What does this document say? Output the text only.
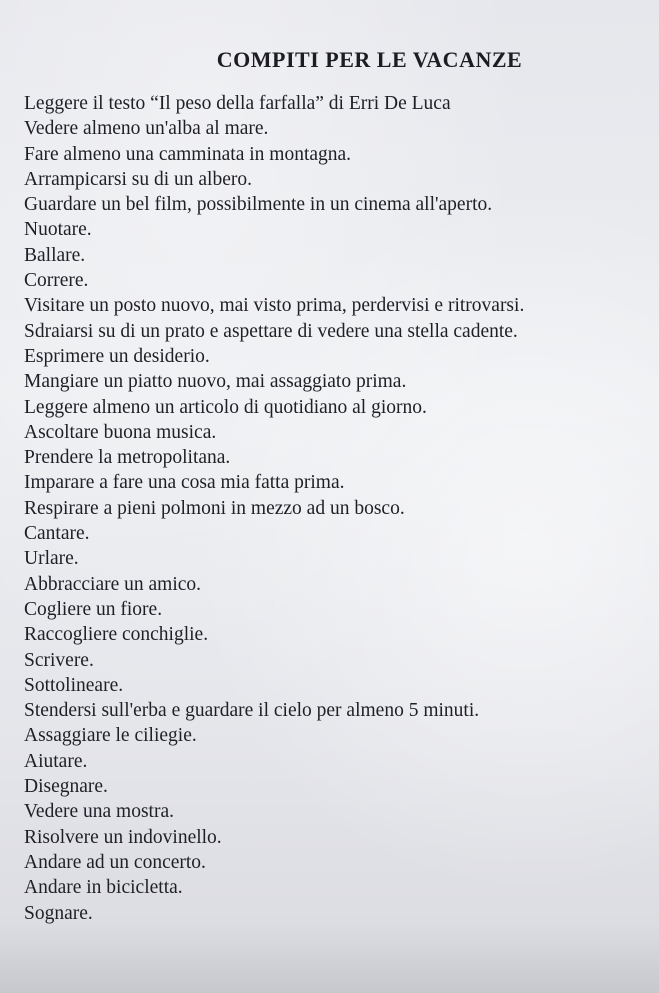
COMPITI PER LE VACANZE
Leggere il testo “Il peso della farfalla” di Erri De Luca
Vedere almeno un'alba al mare.
Fare almeno una camminata in montagna.
Arrampicarsi su di un albero.
Guardare un bel film, possibilmente in un cinema all'aperto.
Nuotare.
Ballare.
Correre.
Visitare un posto nuovo, mai visto prima, perdervisi e ritrovarsi.
Sdraiarsi su di un prato e aspettare di vedere una stella cadente.
Esprimere un desiderio.
Mangiare un piatto nuovo, mai assaggiato prima.
Leggere almeno un articolo di quotidiano al giorno.
Ascoltare buona musica.
Prendere la metropolitana.
Imparare a fare una cosa mia fatta prima.
Respirare a pieni polmoni in mezzo ad un bosco.
Cantare.
Urlare.
Abbracciare un amico.
Cogliere un fiore.
Raccogliere conchiglie.
Scrivere.
Sottolineare.
Stendersi sull'erba e guardare il cielo per almeno 5 minuti.
Assaggiare le ciliegie.
Aiutare.
Disegnare.
Vedere una mostra.
Risolvere un indovinello.
Andare ad un concerto.
Andare in bicicletta.
Sognare.
